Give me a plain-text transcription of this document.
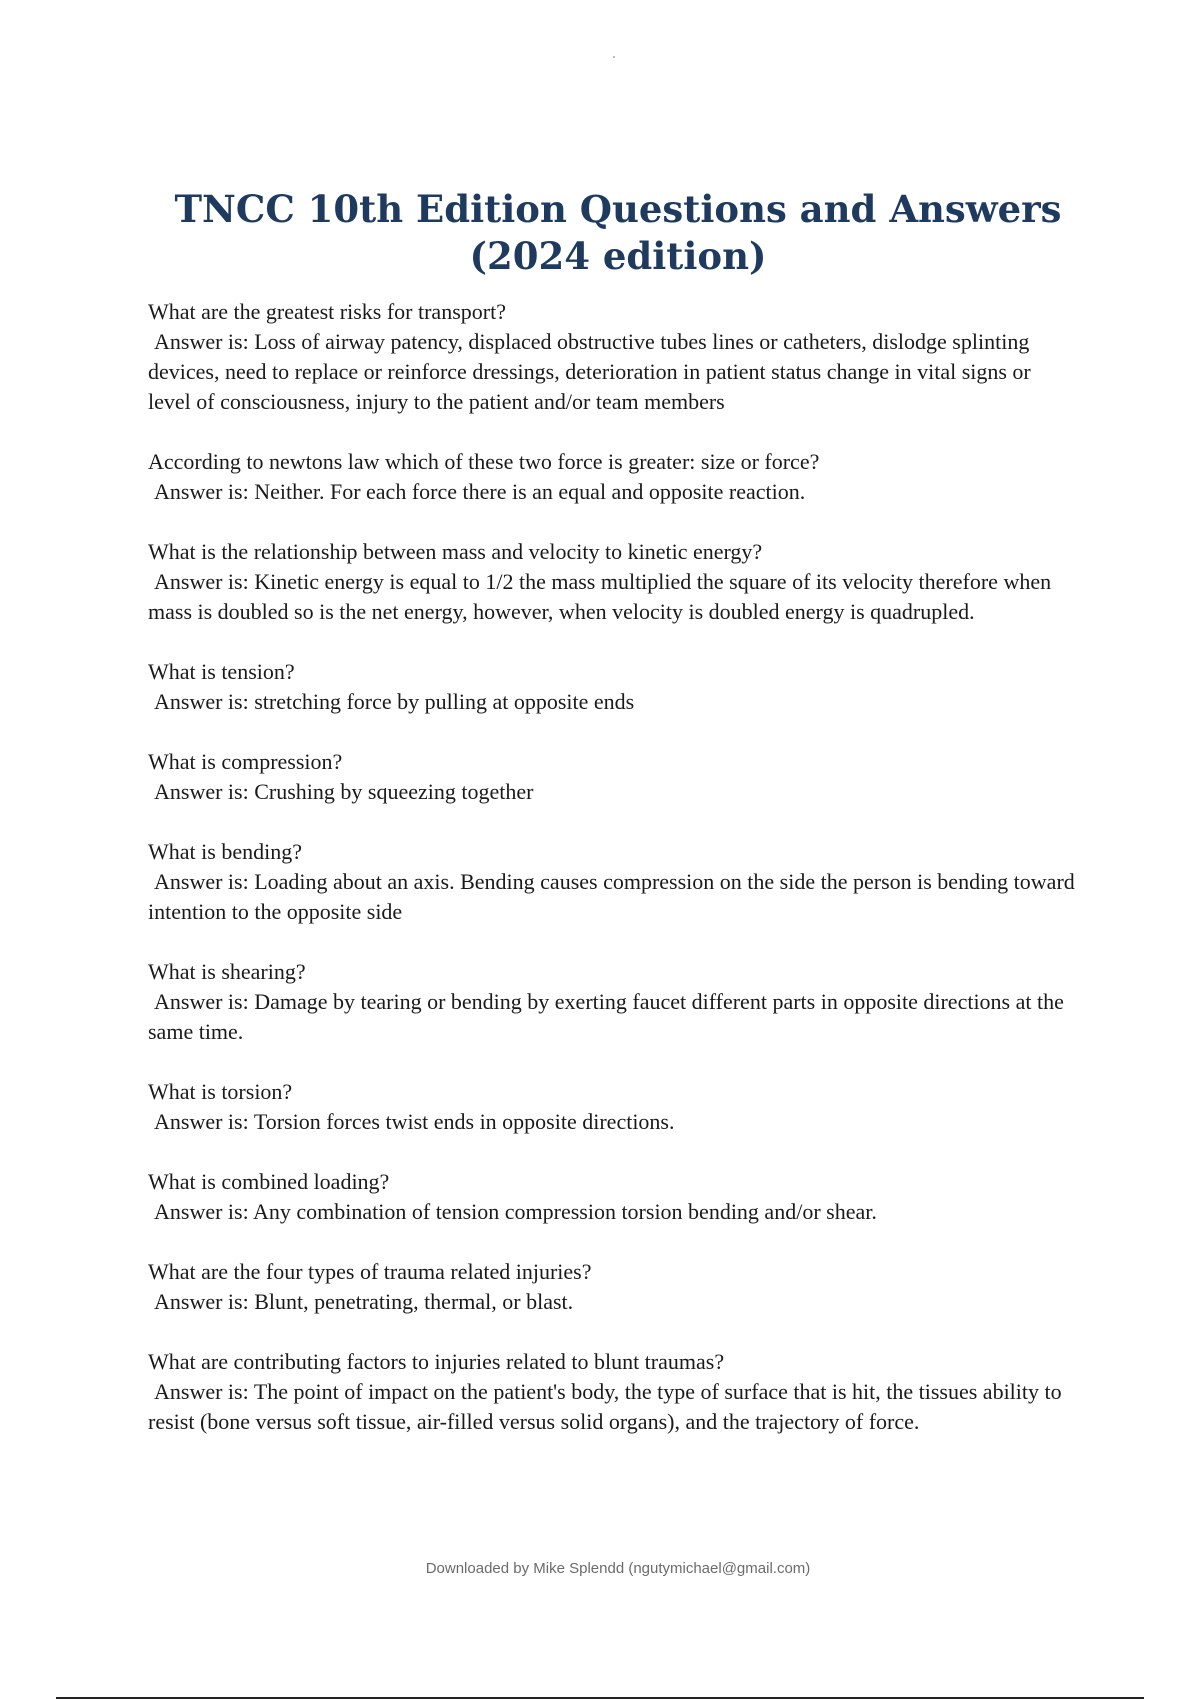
TNCC 10th Edition Questions and Answers
(2024 edition)

What are the greatest risks for transport?

Answer is: Loss of airway patency, displaced obstructive tubes lines or catheters, dislodge splinting devices, need to replace or reinforce dressings, deterioration in patient status change in vital signs or level of consciousness, injury to the patient and/or team members

According to newtons law which of these two force is greater: size or force?

Answer is: Neither. For each force there is an equal and opposite reaction.

What is the relationship between mass and velocity to kinetic energy?

Answer is: Kinetic energy is equal to 1/2 the mass multiplied the square of its velocity therefore when mass is doubled so is the net energy, however, when velocity is doubled energy is quadrupled.

What is tension?

Answer is: stretching force by pulling at opposite ends

What is compression?

Answer is: Crushing by squeezing together

What is bending?

Answer is: Loading about an axis. Bending causes compression on the side the person is bending toward intention to the opposite side

What is shearing?

Answer is: Damage by tearing or bending by exerting faucet different parts in opposite directions at the same time.

What is torsion?

Answer is: Torsion forces twist ends in opposite directions.

What is combined loading?

Answer is: Any combination of tension compression torsion bending and/or shear.

What are the four types of trauma related injuries?

Answer is: Blunt, penetrating, thermal, or blast.

What are contributing factors to injuries related to blunt traumas?

Answer is: The point of impact on the patient's body, the type of surface that is hit, the tissues ability to resist (bone versus soft tissue, air-filled versus solid organs), and the trajectory of force.

Downloaded by Mike Splendd (ngutymichael@gmail.com)
